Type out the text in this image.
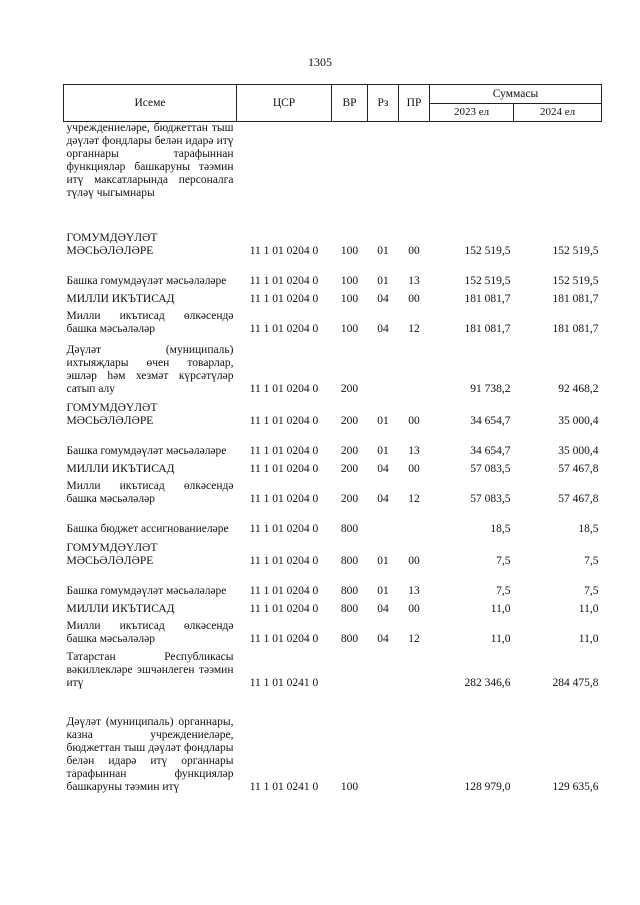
1305
Исеме	ЦСР	ВР	Рз	ПР	Суммасы	
					2023 ел	2024 ел
учреждениеләре, бюджеттан тыш дәүләт фондлары белән идарә итү органнары тарафыннан функцияләр башкаруны тәэмин итү максатларында персоналга түләү чыгымнары						
ГОМУМДӘҮЛӘТ МӘСЬӘЛӘЛӘРЕ	11 1 01 0204 0	100	01	00	152 519,5	152 519,5
Башка гомумдәүләт мәсьәләләре	11 1 01 0204 0	100	01	13	152 519,5	152 519,5
МИЛЛИ ИКЪТИСАД	11 1 01 0204 0	100	04	00	181 081,7	181 081,7
Милли икътисад өлкәсендә башка мәсьәләләр	11 1 01 0204 0	100	04	12	181 081,7	181 081,7
Дәүләт (муниципаль) ихтыяҗлары өчен товарлар, эшләр һәм хезмәт күрсәтүләр сатып алу	11 1 01 0204 0	200			91 738,2	92 468,2
ГОМУМДӘҮЛӘТ МӘСЬӘЛӘЛӘРЕ	11 1 01 0204 0	200	01	00	34 654,7	35 000,4
Башка гомумдәүләт мәсьәләләре	11 1 01 0204 0	200	01	13	34 654,7	35 000,4
МИЛЛИ ИКЪТИСАД	11 1 01 0204 0	200	04	00	57 083,5	57 467,8
Милли икътисад өлкәсендә башка мәсьәләләр	11 1 01 0204 0	200	04	12	57 083,5	57 467,8
Башка бюджет ассигнованиеләре	11 1 01 0204 0	800			18,5	18,5
ГОМУМДӘҮЛӘТ МӘСЬӘЛӘЛӘРЕ	11 1 01 0204 0	800	01	00	7,5	7,5
Башка гомумдәүләт мәсьәләләре	11 1 01 0204 0	800	01	13	7,5	7,5
МИЛЛИ ИКЪТИСАД	11 1 01 0204 0	800	04	00	11,0	11,0
Милли икътисад өлкәсендә башка мәсьәләләр	11 1 01 0204 0	800	04	12	11,0	11,0
Татарстан Республикасы вәкиллекләре эшчәнлеген тәэмин итү	11 1 01 0241 0				282 346,6	284 475,8
Дәүләт (муниципаль) органнары, казна учреждениеләре, бюджеттан тыш дәүләт фондлары белән идарә итү органнары тарафыннан функцияләр башкаруны тәэмин итү	11 1 01 0241 0	100			128 979,0	129 635,6
